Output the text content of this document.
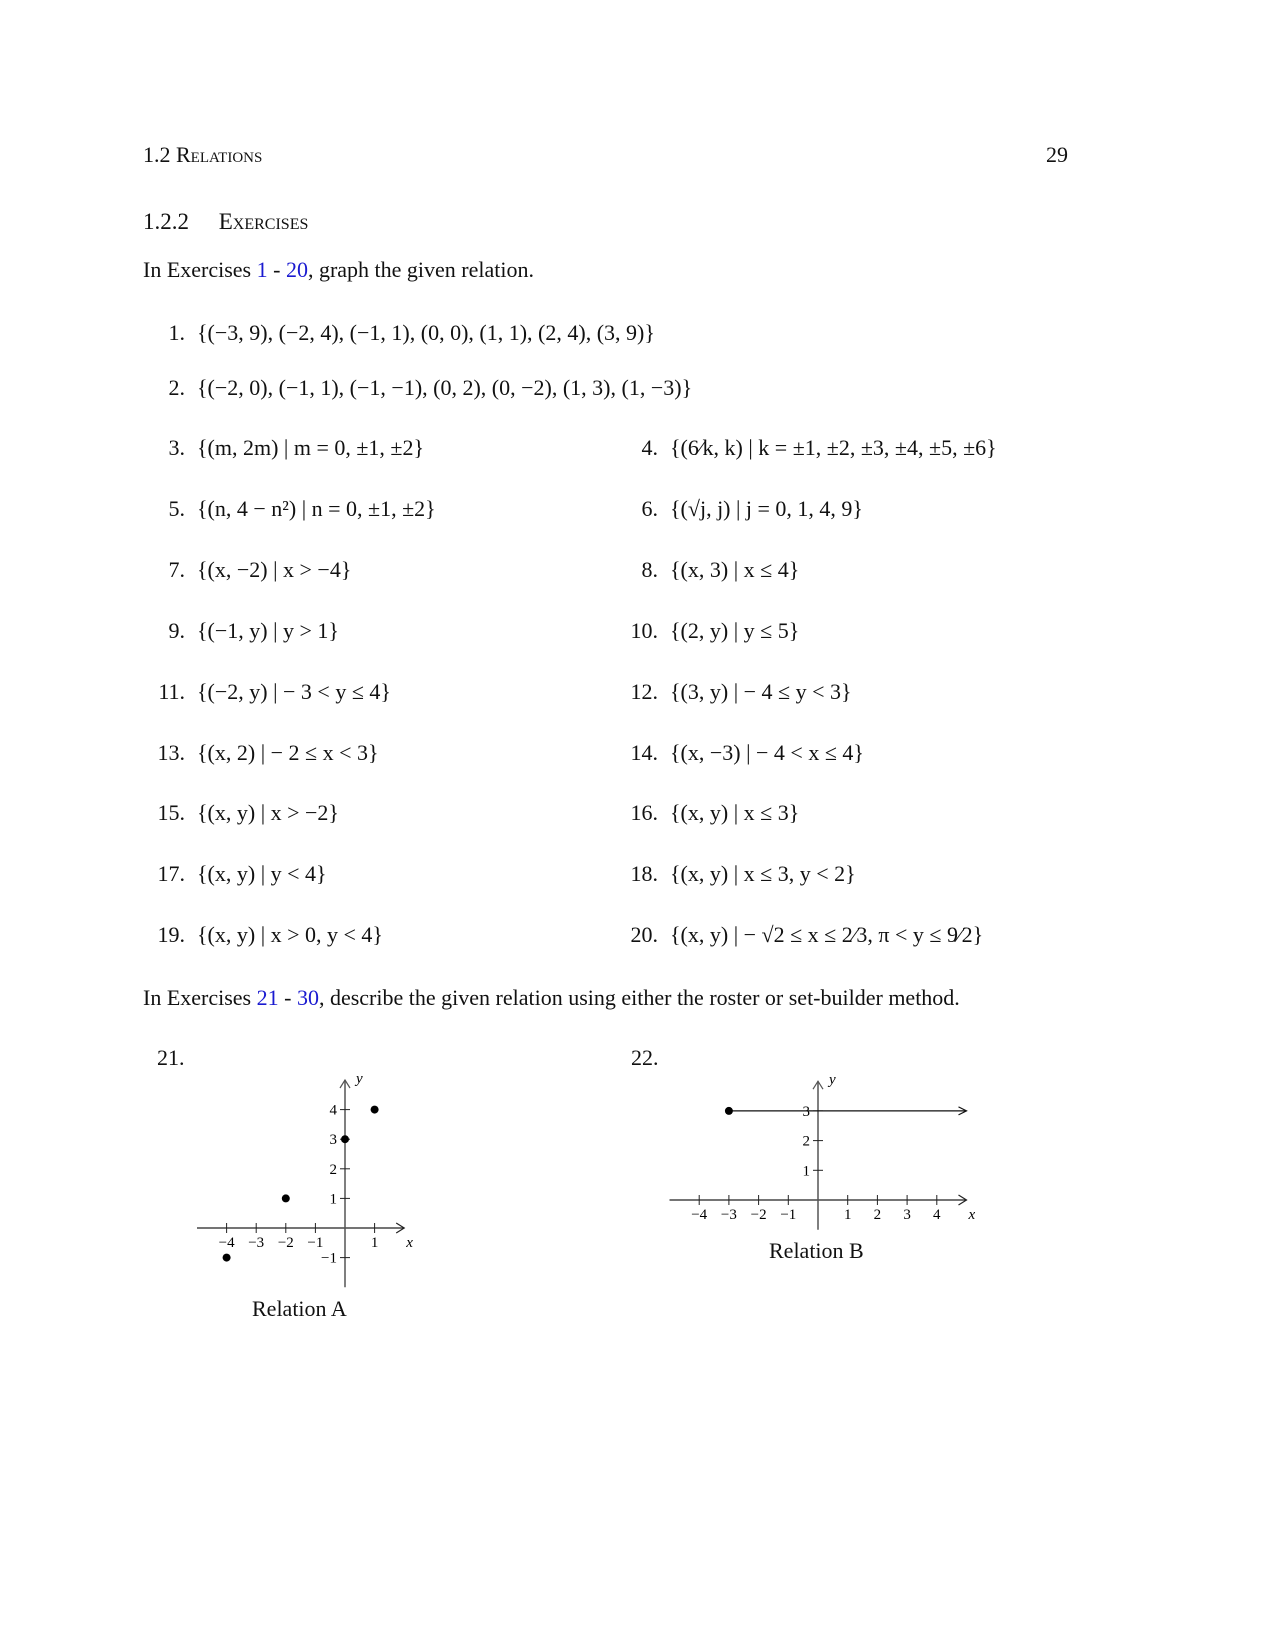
1.2 Relations	29
1.2.2 Exercises
In Exercises 1 - 20, graph the given relation.
1. {(−3, 9), (−2, 4), (−1, 1), (0, 0), (1, 1), (2, 4), (3, 9)}
2. {(−2, 0), (−1, 1), (−1, −1), (0, 2), (0, −2), (1, 3), (1, −3)}
3. {(m, 2m) | m = 0, ±1, ±2}	4. {(6⁄k, k) | k = ±1, ±2, ±3, ±4, ±5, ±6}
5. {(n, 4 − n²) | n = 0, ±1, ±2}	6. {(√j, j) | j = 0, 1, 4, 9}
7. {(x, −2) | x > −4}	8. {(x, 3) | x ≤ 4}
9. {(−1, y) | y > 1}	10. {(2, y) | y ≤ 5}
11. {(−2, y) | − 3 < y ≤ 4}	12. {(3, y) | − 4 ≤ y < 3}
13. {(x, 2) | − 2 ≤ x < 3}	14. {(x, −3) | − 4 < x ≤ 4}
15. {(x, y) | x > −2}	16. {(x, y) | x ≤ 3}
17. {(x, y) | y < 4}	18. {(x, y) | x ≤ 3, y < 2}
19. {(x, y) | x > 0, y < 4}	20. {(x, y) | − √2 ≤ x ≤ 2⁄3, π < y ≤ 9⁄2}
In Exercises 21 - 30, describe the given relation using either the roster or set-builder method.
21.	22.
Relation A
Relation B
x
y
−4 −3 −2 −1	1
−1
1
2
3
4
x
y
−4 −3 −2 −1	1 2 3 4
1
2
3
